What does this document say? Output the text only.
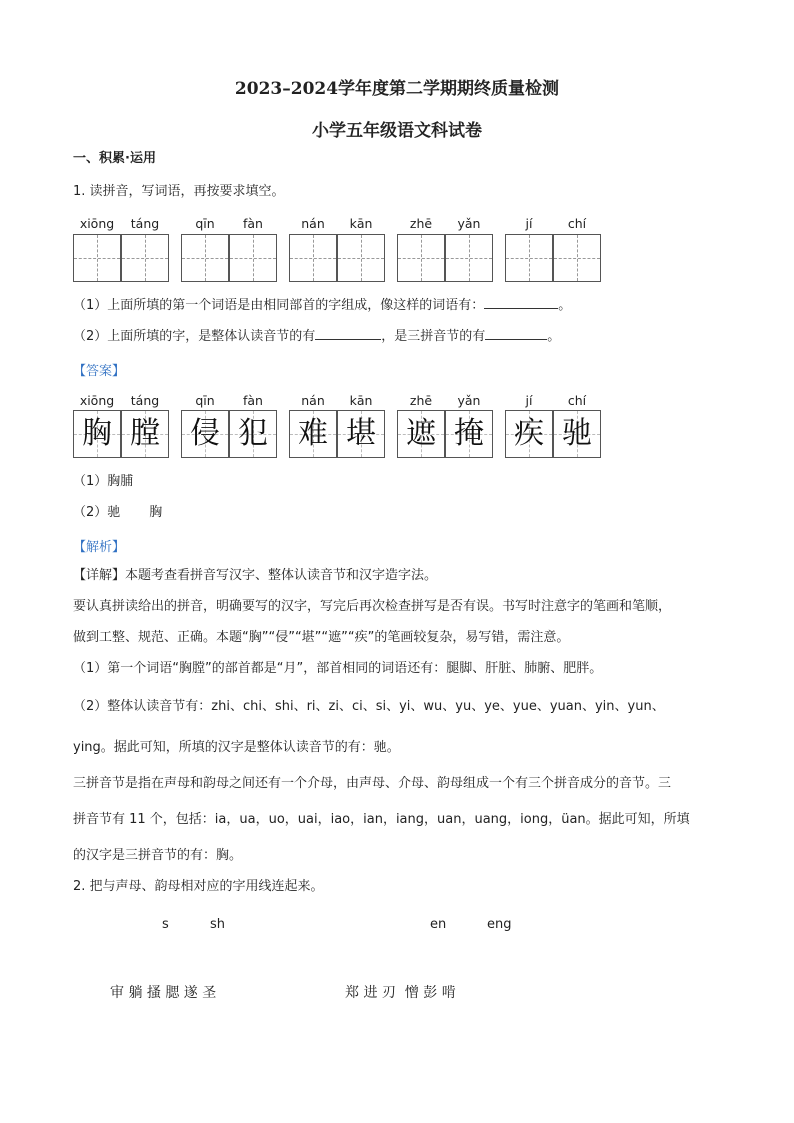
2023–2024学年度第二学期期终质量检测
小学五年级语文科试卷
一、积累·运用
1. 读拼音，写词语，再按要求填空。
xiōng	táng	qīn	fàn	nán	kān	zhē	yǎn	jí	chí
（1）上面所填的第一个词语是由相同部首的字组成，像这样的词语有：	。
（2）上面所填的字，是整体认读音节的有	，是三拼音节的有	。
【答案】
xiōng	táng	qīn	fàn	nán	kān	zhē	yǎn	jí	chí
胸 膛 侵 犯 难 堪 遮 掩 疾 驰
（1）胸脯
（2）驰       胸
【解析】
【详解】本题考查看拼音写汉字、整体认读音节和汉字造字法。
要认真拼读给出的拼音，明确要写的汉字，写完后再次检查拼写是否有误。书写时注意字的笔画和笔顺，
做到工整、规范、正确。本题“胸”“侵”“堪”“遮”“疾”的笔画较复杂，易写错，需注意。
（1）第一个词语“胸膛”的部首都是“月”，部首相同的词语还有：腿脚、肝脏、肺腑、肥胖。
（2）整体认读音节有：zhi、chi、shi、ri、zi、ci、si、yi、wu、yu、ye、yue、yuan、yin、yun、
ying。据此可知，所填的汉字是整体认读音节的有：驰。
三拼音节是指在声母和韵母之间还有一个介母，由声母、介母、韵母组成一个有三个拼音成分的音节。三
拼音节有 11 个，包括：ia，ua，uo，uai，iao，ian，iang，uan，uang，iong，üan。据此可知，所填
的汉字是三拼音节的有：胸。
2. 把与声母、韵母相对应的字用线连起来。
s	sh	en	eng
审 躺 搔 腮 遂 圣	郑 进 刃  憎 彭 啃
